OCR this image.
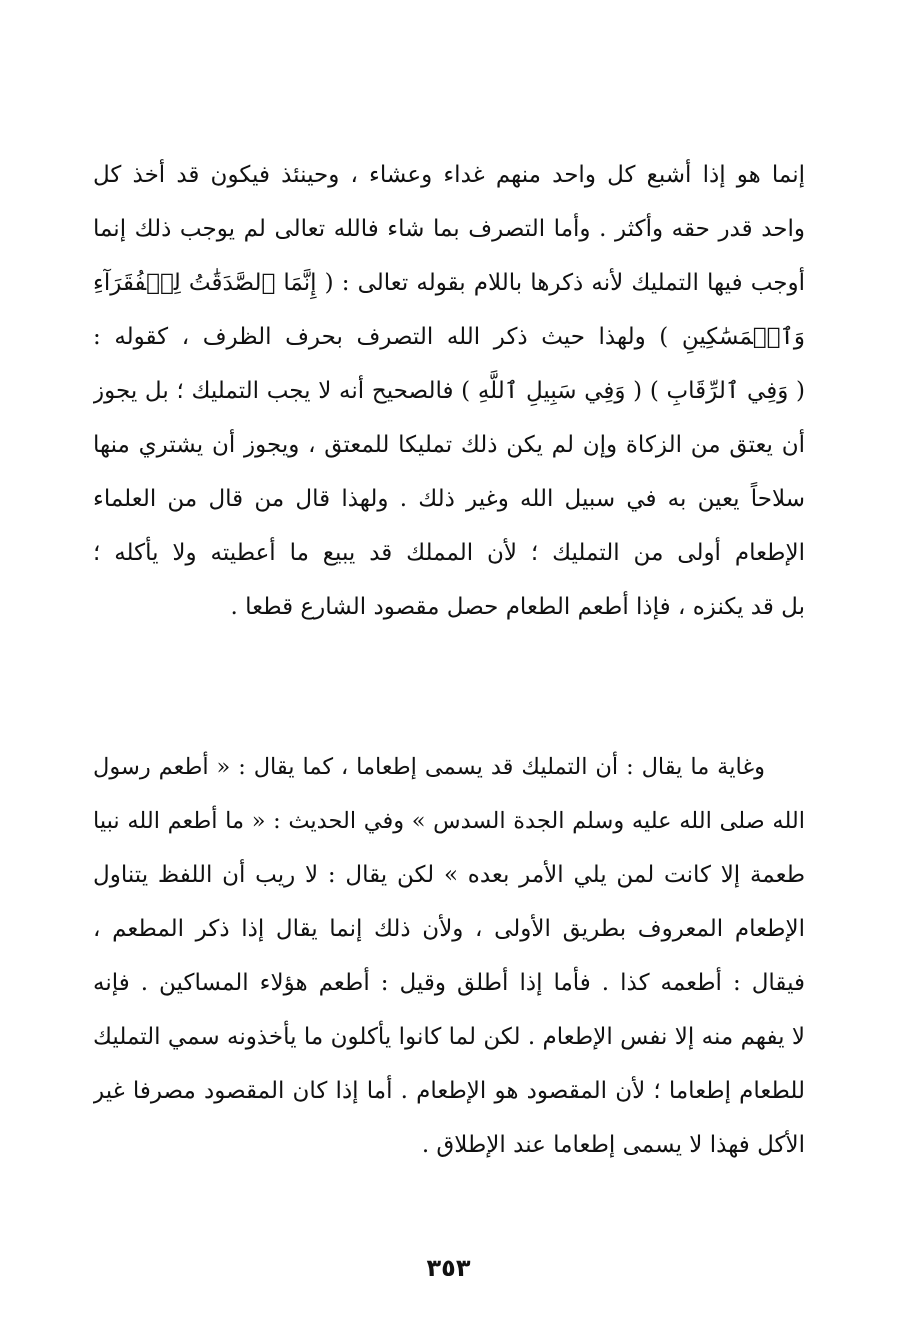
إنما هو إذا أشبع كل واحد منهم غداء وعشاء ، وحينئذ فيكون قد أخذ كل
واحد قدر حقه وأكثر . وأما التصرف بما شاء فالله تعالى لم يوجب ذلك إنما
أوجب فيها التمليك لأنه ذكرها باللام بقوله تعالى : ( إِنَّمَا ٱلصَّدَقَٰتُ لِلۡفُقَرَآءِ
وَٱلۡمَسَٰكِينِ ) ولهذا حيث ذكر الله التصرف بحرف الظرف ، كقوله :
( وَفِي ٱلرِّقَابِ ) ( وَفِي سَبِيلِ ٱللَّهِ ) فالصحيح أنه لا يجب التمليك ؛ بل يجوز
أن يعتق من الزكاة وإن لم يكن ذلك تمليكا للمعتق ، ويجوز أن يشتري منها
سلاحاً يعين به في سبيل الله وغير ذلك . ولهذا قال من قال من العلماء
الإطعام أولى من التمليك ؛ لأن المملك قد يبيع ما أعطيته ولا يأكله ؛
بل قد يكنزه ، فإذا أطعم الطعام حصل مقصود الشارع قطعا .
وغاية ما يقال : أن التمليك قد يسمى إطعاما ، كما يقال : « أطعم رسول
الله صلى الله عليه وسلم الجدة السدس » وفي الحديث : « ما أطعم الله نبيا
طعمة إلا كانت لمن يلي الأمر بعده » لكن يقال : لا ريب أن اللفظ يتناول
الإطعام المعروف بطريق الأولى ، ولأن ذلك إنما يقال إذا ذكر المطعم ،
فيقال : أطعمه كذا . فأما إذا أطلق وقيل : أطعم هؤلاء المساكين . فإنه
لا يفهم منه إلا نفس الإطعام . لكن لما كانوا يأكلون ما يأخذونه سمي التمليك
للطعام إطعاما ؛ لأن المقصود هو الإطعام . أما إذا كان المقصود مصرفا غير
الأكل فهذا لا يسمى إطعاما عند الإطلاق .
٣٥٣
